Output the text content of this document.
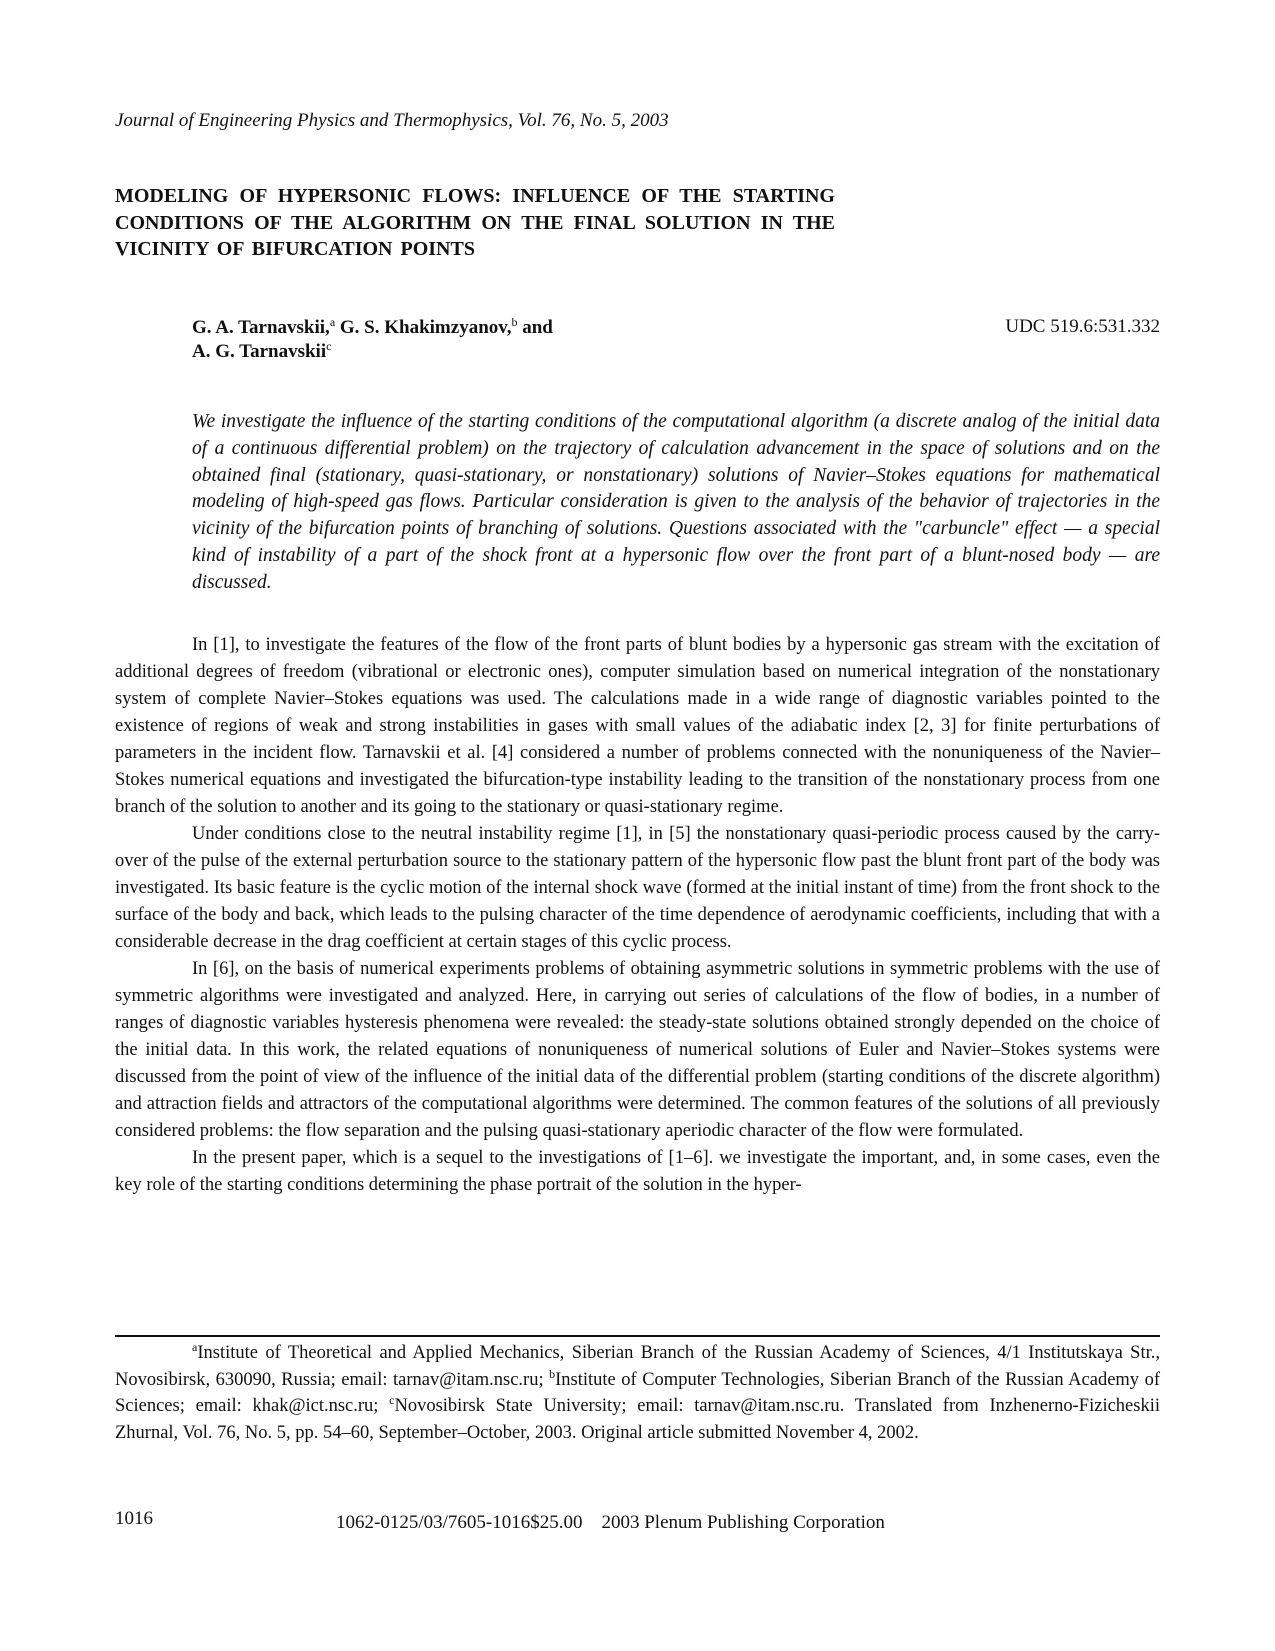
Journal of Engineering Physics and Thermophysics, Vol. 76, No. 5, 2003
MODELING OF HYPERSONIC FLOWS: INFLUENCE OF THE STARTING CONDITIONS OF THE ALGORITHM ON THE FINAL SOLUTION IN THE VICINITY OF BIFURCATION POINTS
G. A. Tarnavskii,$^a$ G. S. Khakimzyanov,$^b$ and
A. G. Tarnavskii$^c$
UDC 519.6:531.332

We investigate the influence of the starting conditions of the computational algorithm (a discrete analog of the initial data of a continuous differential problem) on the trajectory of calculation advancement in the space of solutions and on the obtained final (stationary, quasi-stationary, or nonstationary) solutions of Navier–Stokes equations for mathematical modeling of high-speed gas flows. Particular consideration is given to the analysis of the behavior of trajectories in the vicinity of the bifurcation points of branching of solutions. Questions associated with the "carbuncle" effect — a special kind of instability of a part of the shock front at a hypersonic flow over the front part of a blunt-nosed body — are discussed.

In [1], to investigate the features of the flow of the front parts of blunt bodies by a hypersonic gas stream with the excitation of additional degrees of freedom (vibrational or electronic ones), computer simulation based on numerical integration of the nonstationary system of complete Navier–Stokes equations was used. The calculations made in a wide range of diagnostic variables pointed to the existence of regions of weak and strong instabilities in gases with small values of the adiabatic index [2, 3] for finite perturbations of parameters in the incident flow. Tarnavskii et al. [4] considered a number of problems connected with the nonuniqueness of the Navier–Stokes numerical equations and investigated the bifurcation-type instability leading to the transition of the nonstationary process from one branch of the solution to another and its going to the stationary or quasi-stationary regime.

Under conditions close to the neutral instability regime [1], in [5] the nonstationary quasi-periodic process caused by the carry-over of the pulse of the external perturbation source to the stationary pattern of the hypersonic flow past the blunt front part of the body was investigated. Its basic feature is the cyclic motion of the internal shock wave (formed at the initial instant of time) from the front shock to the surface of the body and back, which leads to the pulsing character of the time dependence of aerodynamic coefficients, including that with a considerable decrease in the drag coefficient at certain stages of this cyclic process.

In [6], on the basis of numerical experiments problems of obtaining asymmetric solutions in symmetric problems with the use of symmetric algorithms were investigated and analyzed. Here, in carrying out series of calculations of the flow of bodies, in a number of ranges of diagnostic variables hysteresis phenomena were revealed: the steady-state solutions obtained strongly depended on the choice of the initial data. In this work, the related equations of nonuniqueness of numerical solutions of Euler and Navier–Stokes systems were discussed from the point of view of the influence of the initial data of the differential problem (starting conditions of the discrete algorithm) and attraction fields and attractors of the computational algorithms were determined. The common features of the solutions of all previously considered problems: the flow separation and the pulsing quasi-stationary aperiodic character of the flow were formulated.

In the present paper, which is a sequel to the investigations of [1–6]. we investigate the important, and, in some cases, even the key role of the starting conditions determining the phase portrait of the solution in the hyper-

$^a$Institute of Theoretical and Applied Mechanics, Siberian Branch of the Russian Academy of Sciences, 4/1 Institutskaya Str., Novosibirsk, 630090, Russia; email: tarnav@itam.nsc.ru; $^b$Institute of Computer Technologies, Siberian Branch of the Russian Academy of Sciences; email: khak@ict.nsc.ru; $^c$Novosibirsk State University; email: tarnav@itam.nsc.ru. Translated from Inzhenerno-Fizicheskii Zhurnal, Vol. 76, No. 5, pp. 54–60, September–October, 2003. Original article submitted November 4, 2002.

1016	1062-0125/03/7605-1016$25.00 2003 Plenum Publishing Corporation
